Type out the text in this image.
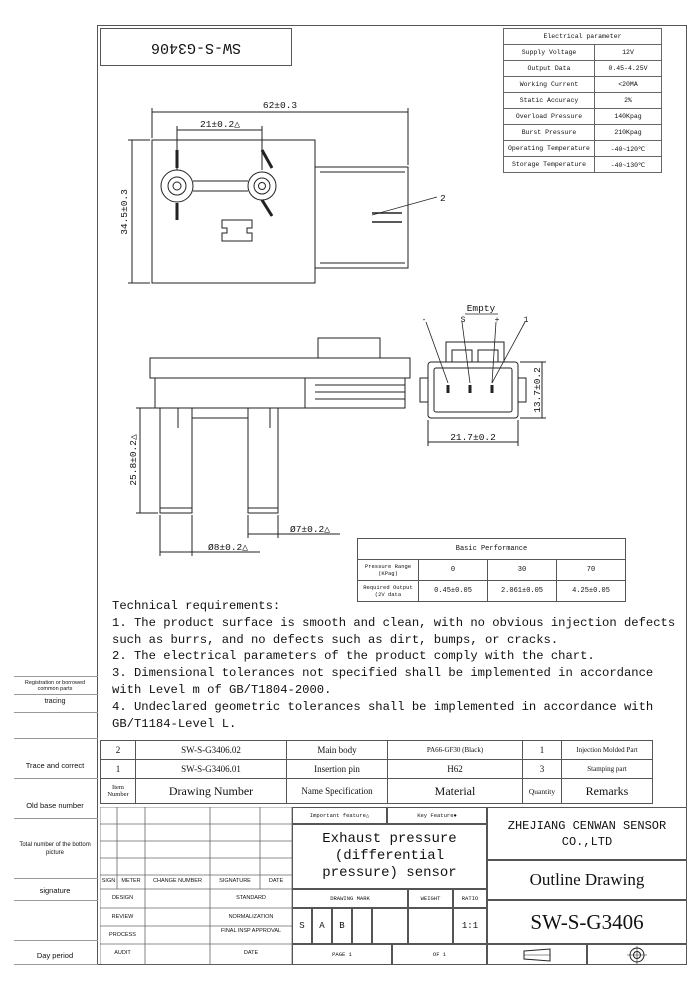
SW-S-G3406
Electrical parameter	
Supply Voltage	12V
Output Data	0.45-4.25V
Working Current	<20MA
Static Accuracy	2%
Overload Pressure	140Kpag
Burst Pressure	210Kpag
Operating Temperature	-40~120℃
Storage Temperature	-40~130℃
62±0.3
21±0.2△
34.5±0.3	2
Empty
-	S	+	1
21.7±0.2
13.7±0.2
25.8±0.2△
Ø8±0.2△
Ø7±0.2△
Basic Performance			
Pressure Range (KPag)	0	30	70
Required Output (2V data	0.45±0.05	2.061±0.05	4.25±0.05
Technical requirements:
1. The product surface is smooth and clean, with no obvious injection defects
such as burrs, and no defects such as dirt, bumps, or cracks.
2. The electrical parameters of the product comply with the chart.
3. Dimensional tolerances not specified shall be implemented in accordance
with Level m of GB/T1804-2000.
4. Undeclared geometric tolerances shall be implemented in accordance with
GB/T1184-Level L.
Registration or borrowed common parts
tracing
Trace and correct
Old base number
Total number of the bottom picture
signature
Day period
2	SW-S-G3406.02	Main body	PA66-GF30 (Black)	1	Injection Molded Part
1	SW-S-G3406.01	Insertion pin	H62	3	Stamping part
Item Number	Drawing Number	Name Specification	Material	Quantity	Remarks
SIGN	METER	CHANGE NUMBER	SIGNATURE	DATE
DESIGN	STANDARD
REVIEW	NORMALIZATION
PROCESS
FINAL INSP APPROVAL
AUDIT	DATE
Important feature△	Key Feature●
Exhaust pressure (differential pressure) sensor
DRAWING MARK	WEIGHT	RATIO
S	A	B	1:1
PAGE 1	OF 1
ZHEJIANG CENWAN SENSOR CO.,LTD
Outline Drawing
SW-S-G3406
